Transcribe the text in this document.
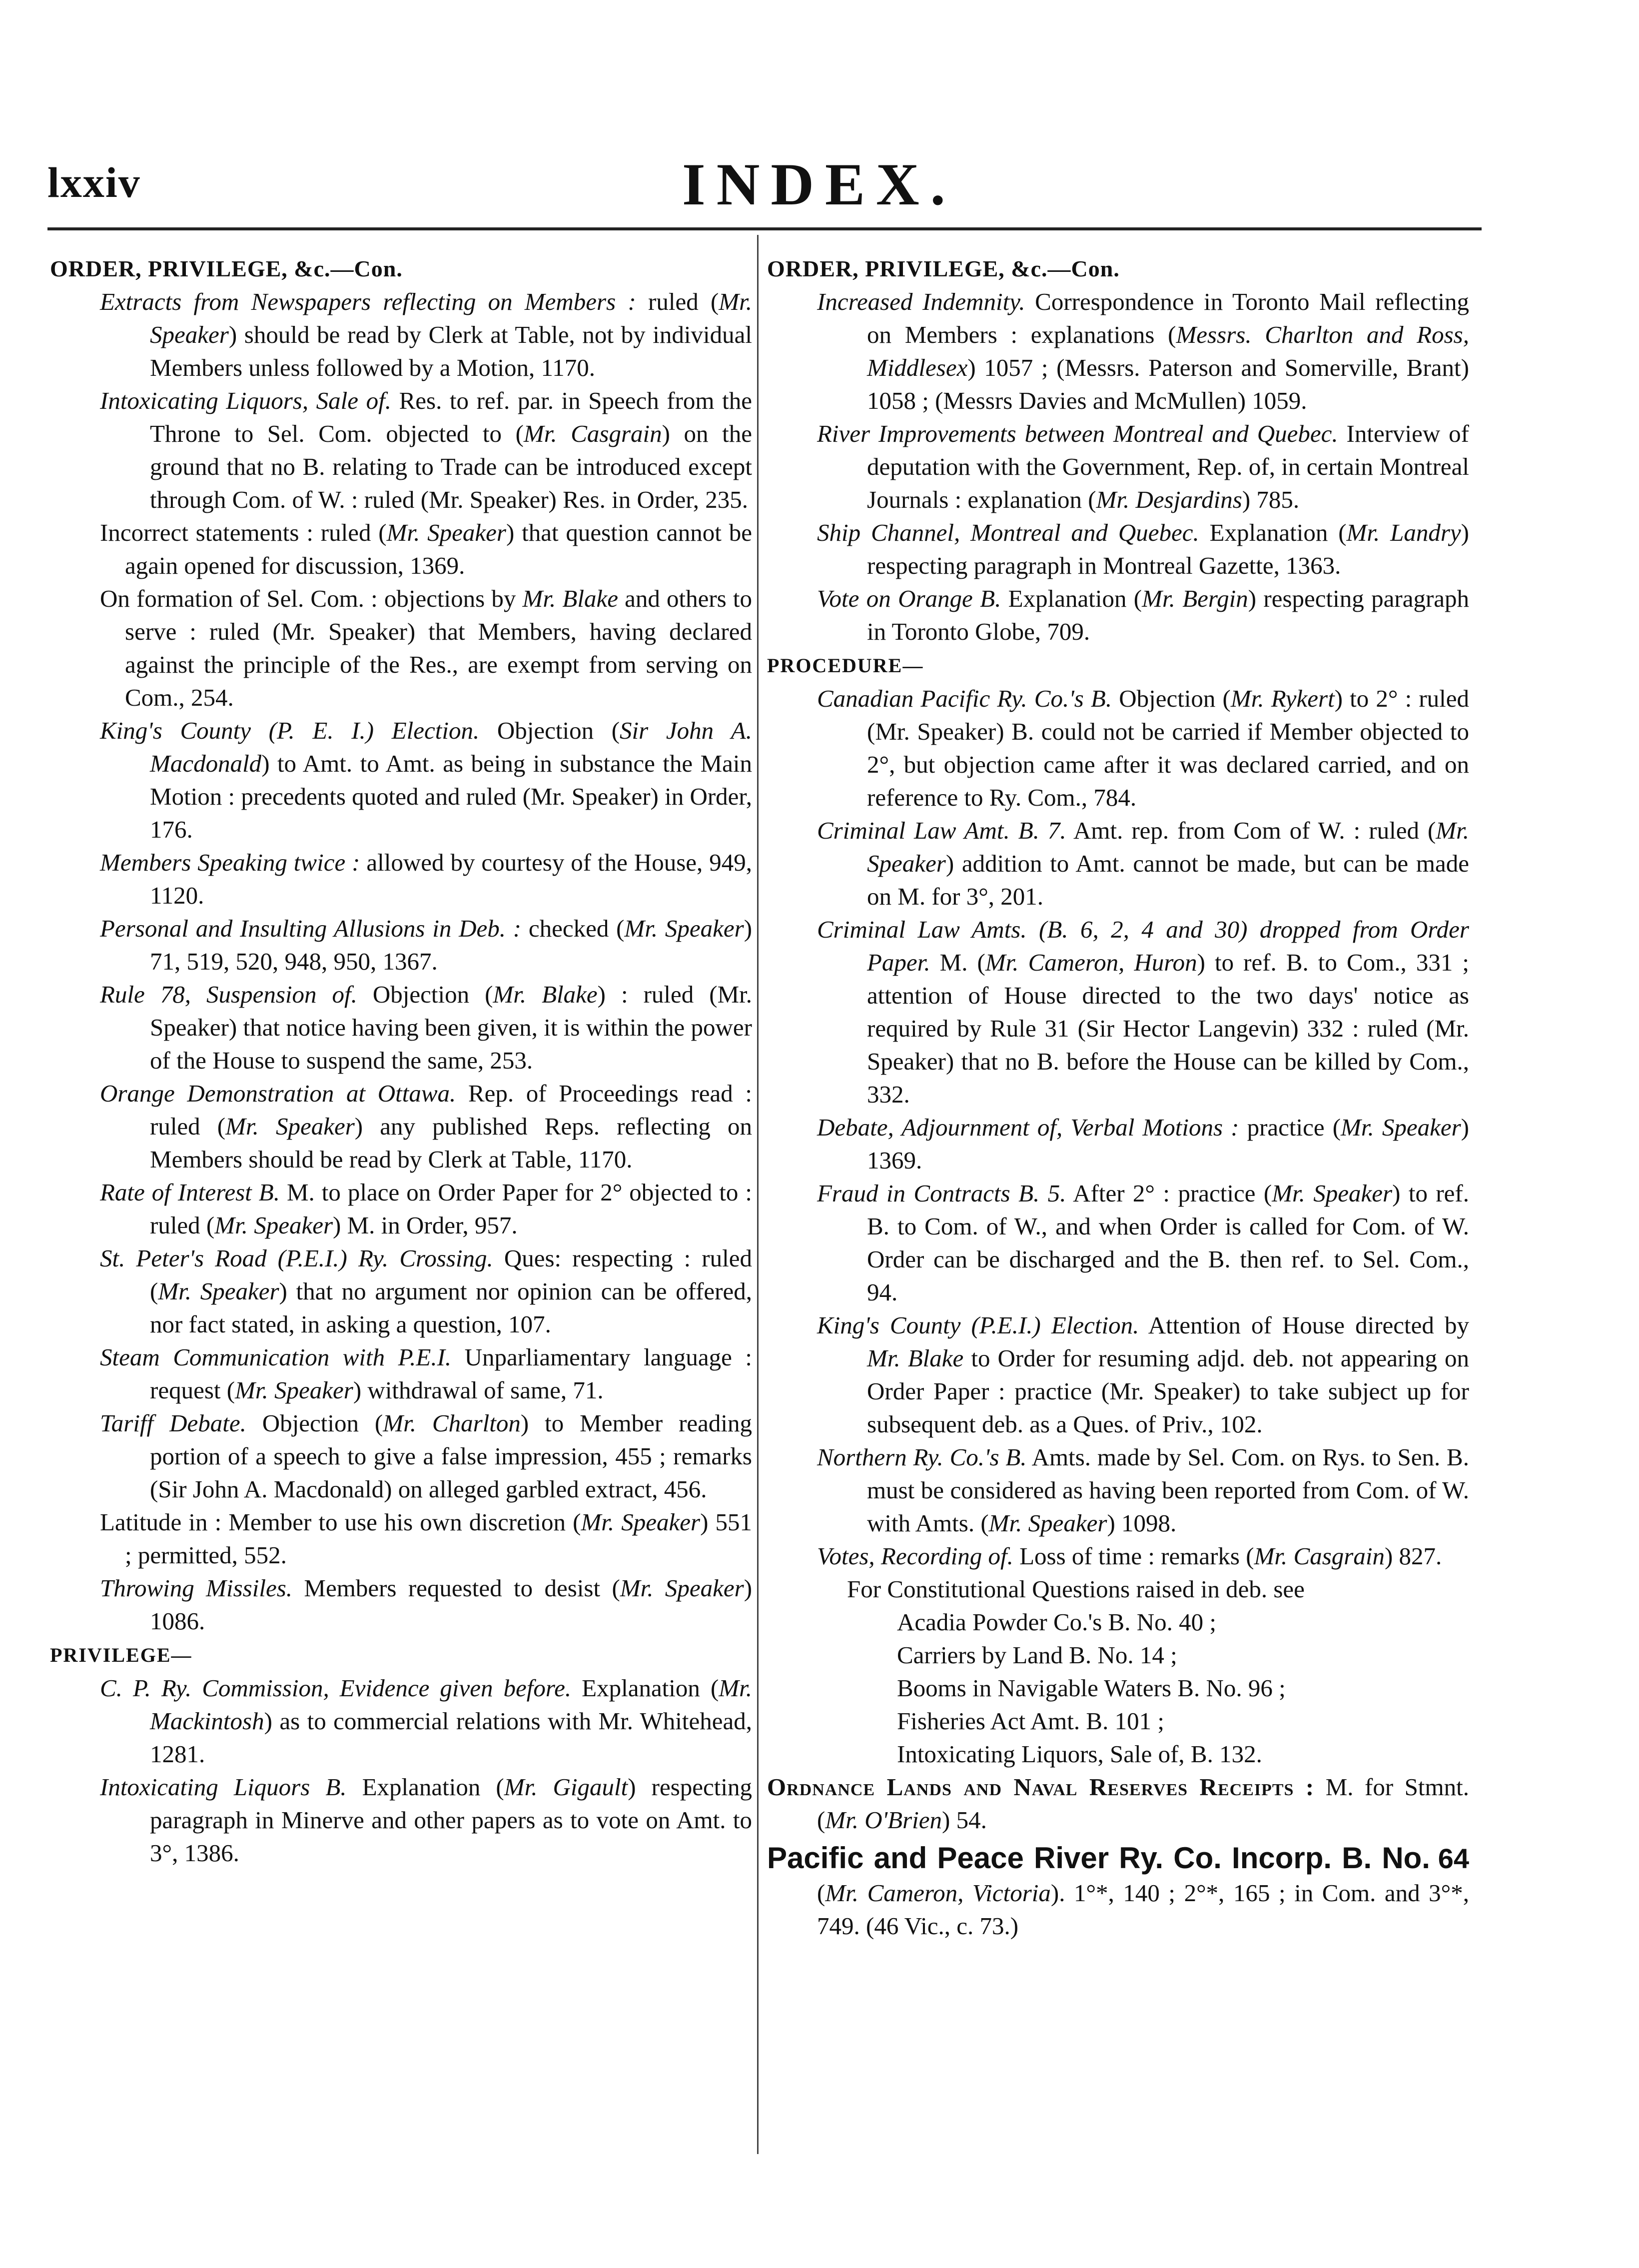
lxxiv	INDEX.
ORDER, PRIVILEGE, &c.—Con.
Extracts from Newspapers reflecting on Members : ruled (Mr. Speaker) should be read by Clerk at Table, not by individual Members unless followed by a Motion, 1170.
Intoxicating Liquors, Sale of. Res. to ref. par. in Speech from the Throne to Sel. Com. objected to (Mr. Casgrain) on the ground that no B. relating to Trade can be introduced except through Com. of W. : ruled (Mr. Speaker) Res. in Order, 235.
Incorrect statements : ruled (Mr. Speaker) that question cannot be again opened for discussion, 1369.
On formation of Sel. Com. : objections by Mr. Blake and others to serve : ruled (Mr. Speaker) that Members, having declared against the principle of the Res., are exempt from serving on Com., 254.
King's County (P. E. I.) Election. Objection (Sir John A. Macdonald) to Amt. to Amt. as being in substance the Main Motion : precedents quoted and ruled (Mr. Speaker) in Order, 176.
Members Speaking twice : allowed by courtesy of the House, 949, 1120.
Personal and Insulting Allusions in Deb. : checked (Mr. Speaker) 71, 519, 520, 948, 950, 1367.
Rule 78, Suspension of. Objection (Mr. Blake) : ruled (Mr. Speaker) that notice having been given, it is within the power of the House to suspend the same, 253.
Orange Demonstration at Ottawa. Rep. of Proceedings read : ruled (Mr. Speaker) any published Reps. reflecting on Members should be read by Clerk at Table, 1170.
Rate of Interest B. M. to place on Order Paper for 2° objected to : ruled (Mr. Speaker) M. in Order, 957.
St. Peter's Road (P.E.I.) Ry. Crossing. Ques: respecting : ruled (Mr. Speaker) that no argument nor opinion can be offered, nor fact stated, in asking a question, 107.
Steam Communication with P.E.I. Unparliamentary language : request (Mr. Speaker) withdrawal of same, 71.
Tariff Debate. Objection (Mr. Charlton) to Member reading portion of a speech to give a false impression, 455 ; remarks (Sir John A. Macdonald) on alleged garbled extract, 456.
Latitude in : Member to use his own discretion (Mr. Speaker) 551 ; permitted, 552.
Throwing Missiles. Members requested to desist (Mr. Speaker) 1086.
PRIVILEGE—
C. P. Ry. Commission, Evidence given before. Explanation (Mr. Mackintosh) as to commercial relations with Mr. Whitehead, 1281.
Intoxicating Liquors B. Explanation (Mr. Gigault) respecting paragraph in Minerve and other papers as to vote on Amt. to 3°, 1386.
ORDER, PRIVILEGE, &c.—Con.
Increased Indemnity. Correspondence in Toronto Mail reflecting on Members : explanations (Messrs. Charlton and Ross, Middlesex) 1057 ; (Messrs. Paterson and Somerville, Brant) 1058 ; (Messrs Davies and McMullen) 1059.
River Improvements between Montreal and Quebec. Interview of deputation with the Government, Rep. of, in certain Montreal Journals : explanation (Mr. Desjardins) 785.
Ship Channel, Montreal and Quebec. Explanation (Mr. Landry) respecting paragraph in Montreal Gazette, 1363.
Vote on Orange B. Explanation (Mr. Bergin) respecting paragraph in Toronto Globe, 709.
PROCEDURE—
Canadian Pacific Ry. Co.'s B. Objection (Mr. Rykert) to 2° : ruled (Mr. Speaker) B. could not be carried if Member objected to 2°, but objection came after it was declared carried, and on reference to Ry. Com., 784.
Criminal Law Amt. B. 7. Amt. rep. from Com of W. : ruled (Mr. Speaker) addition to Amt. cannot be made, but can be made on M. for 3°, 201.
Criminal Law Amts. (B. 6, 2, 4 and 30) dropped from Order Paper. M. (Mr. Cameron, Huron) to ref. B. to Com., 331 ; attention of House directed to the two days' notice as required by Rule 31 (Sir Hector Langevin) 332 : ruled (Mr. Speaker) that no B. before the House can be killed by Com., 332.
Debate, Adjournment of, Verbal Motions : practice (Mr. Speaker) 1369.
Fraud in Contracts B. 5. After 2° : practice (Mr. Speaker) to ref. B. to Com. of W., and when Order is called for Com. of W. Order can be discharged and the B. then ref. to Sel. Com., 94.
King's County (P.E.I.) Election. Attention of House directed by Mr. Blake to Order for resuming adjd. deb. not appearing on Order Paper : practice (Mr. Speaker) to take subject up for subsequent deb. as a Ques. of Priv., 102.
Northern Ry. Co.'s B. Amts. made by Sel. Com. on Rys. to Sen. B. must be considered as having been reported from Com. of W. with Amts. (Mr. Speaker) 1098.
Votes, Recording of. Loss of time : remarks (Mr. Casgrain) 827.
For Constitutional Questions raised in deb. see
Acadia Powder Co.'s B. No. 40 ;
Carriers by Land B. No. 14 ;
Booms in Navigable Waters B. No. 96 ;
Fisheries Act Amt. B. 101 ;
Intoxicating Liquors, Sale of, B. 132.
Ordnance Lands and Naval Reserves Receipts : M. for Stmnt. (Mr. O'Brien) 54.
Pacific and Peace River Ry. Co. Incorp. B. No. 64 (Mr. Cameron, Victoria). 1°*, 140 ; 2°*, 165 ; in Com. and 3°*, 749. (46 Vic., c. 73.)
